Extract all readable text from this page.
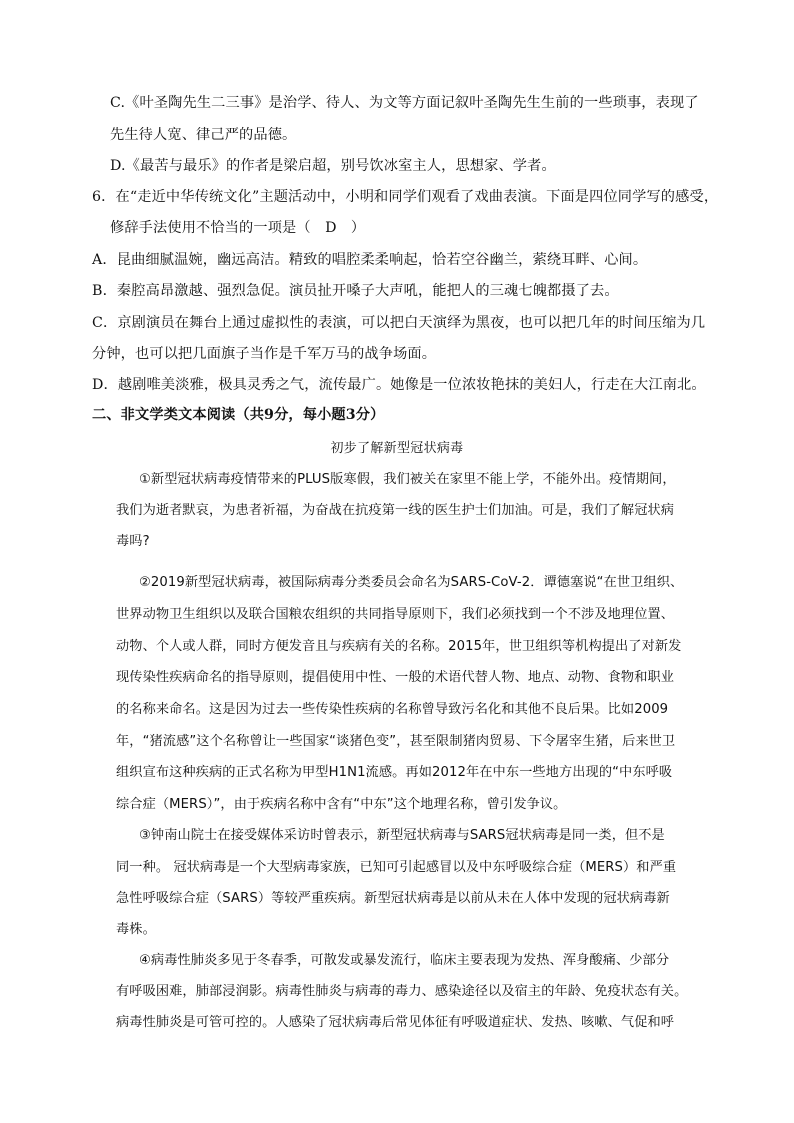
C.《叶圣陶先生二三事》是治学、待人、为文等方面记叙叶圣陶先生生前的一些琐事，表现了
先生待人宽、律己严的品德。
D.《最苦与最乐》的作者是梁启超，别号饮冰室主人，思想家、学者。
6．在“走近中华传统文化”主题活动中，小明和同学们观看了戏曲表演。下面是四位同学写的感受，
修辞手法使用不恰当的一项是（　D　）
A．昆曲细腻温婉，幽远高洁。精致的唱腔柔柔响起，恰若空谷幽兰，萦绕耳畔、心间。
B．秦腔高昂激越、强烈急促。演员扯开嗓子大声吼，能把人的三魂七魄都摄了去。
C．京剧演员在舞台上通过虚拟性的表演，可以把白天演绎为黑夜，也可以把几年的时间压缩为几
分钟，也可以把几面旗子当作是千军万马的战争场面。
D．越剧唯美淡雅，极具灵秀之气，流传最广。她像是一位浓妆艳抹的美妇人，行走在大江南北。
二、非文学类文本阅读（共9分，每小题3分）
初步了解新型冠状病毒
①新型冠状病毒疫情带来的PLUS版寒假，我们被关在家里不能上学，不能外出。疫情期间，
我们为逝者默哀，为患者祈福，为奋战在抗疫第一线的医生护士们加油。可是，我们了解冠状病
毒吗?
②2019新型冠状病毒，被国际病毒分类委员会命名为SARS-CoV-2．谭德塞说“在世卫组织、
世界动物卫生组织以及联合国粮农组织的共同指导原则下，我们必须找到一个不涉及地理位置、
动物、个人或人群，同时方便发音且与疾病有关的名称。2015年，世卫组织等机构提出了对新发
现传染性疾病命名的指导原则，提倡使用中性、一般的术语代替人物、地点、动物、食物和职业
的名称来命名。这是因为过去一些传染性疾病的名称曾导致污名化和其他不良后果。比如2009
年，“猪流感”这个名称曾让一些国家“谈猪色变”，甚至限制猪肉贸易、下令屠宰生猪，后来世卫
组织宣布这种疾病的正式名称为甲型H1N1流感。再如2012年在中东一些地方出现的“中东呼吸
综合症（MERS）”，由于疾病名称中含有“中东”这个地理名称，曾引发争议。
③钟南山院士在接受媒体采访时曾表示，新型冠状病毒与SARS冠状病毒是同一类，但不是
同一种。 冠状病毒是一个大型病毒家族，已知可引起感冒以及中东呼吸综合症（MERS）和严重
急性呼吸综合症（SARS）等较严重疾病。新型冠状病毒是以前从未在人体中发现的冠状病毒新
毒株。
④病毒性肺炎多见于冬春季，可散发或暴发流行，临床主要表现为发热、浑身酸痛、少部分
有呼吸困难，肺部浸润影。病毒性肺炎与病毒的毒力、感染途径以及宿主的年龄、免疫状态有关。
病毒性肺炎是可管可控的。人感染了冠状病毒后常见体征有呼吸道症状、发热、咳嗽、气促和呼
